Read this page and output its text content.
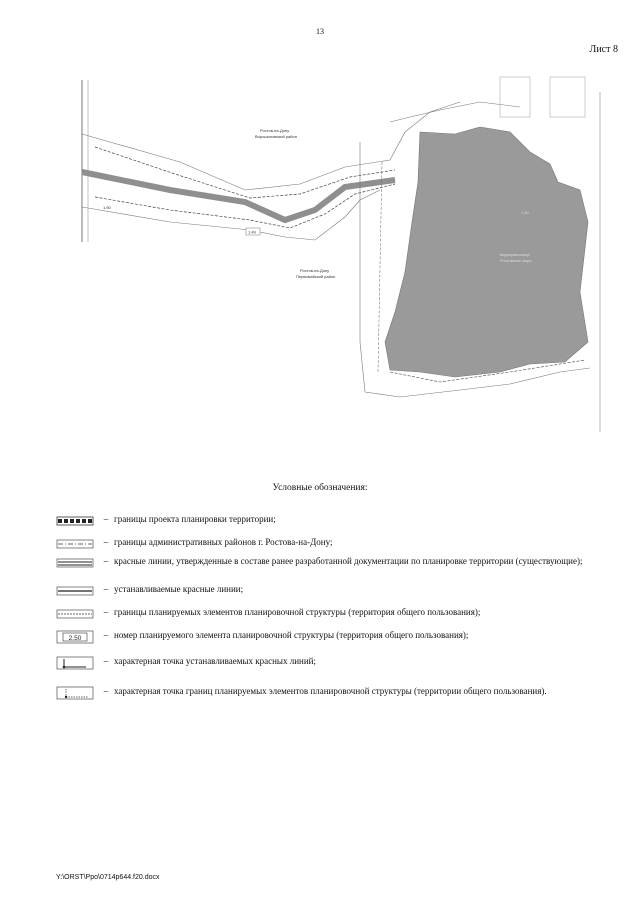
13
Лист 8
Ростов-на-Дону
Ворошиловский район
Ростов-на-Дону
Первомайский район
водохранилище
Ростовское море
1.50
1.49
1.50
Условные обозначения:
– границы проекта планировки территории;
– границы административных районов г. Ростова-на-Дону;
– красные линии, утвержденные в составе ранее разработанной документации по планировке территории (существующие);
– устанавливаемые красные линии;
– границы планируемых элементов планировочной структуры (территория общего пользования);
2.50	– номер планируемого элемента планировочной структуры (территория общего пользования);
– характерная точка устанавливаемых красных линий;
– характерная точка границ планируемых элементов планировочной структуры (территории общего пользования).
Y:\ORST\Ppo\0714p644.f20.docx
